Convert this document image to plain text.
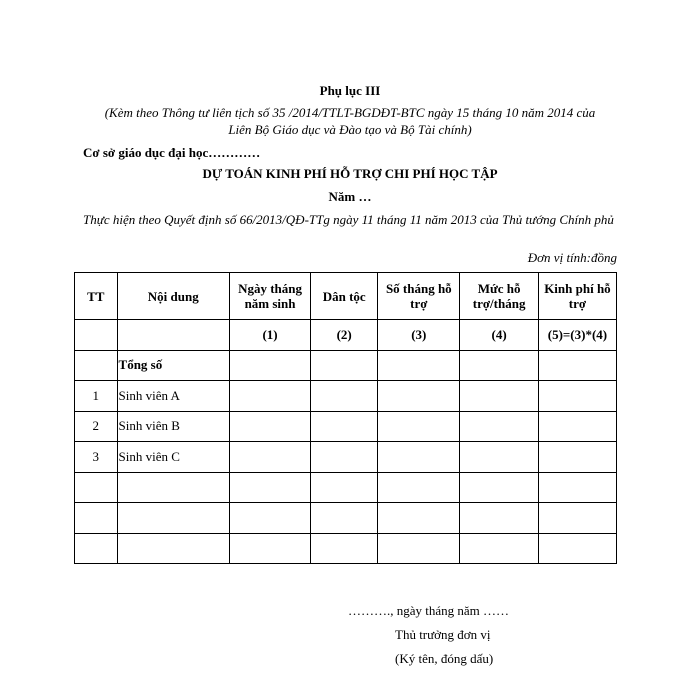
Phụ lục III
(Kèm theo Thông tư liên tịch số 35 /2014/TTLT-BGDĐT-BTC ngày 15 tháng 10 năm 2014 của
Liên Bộ Giáo dục và Đào tạo và Bộ Tài chính)
Cơ sở giáo dục đại học…………
DỰ TOÁN KINH PHÍ HỖ TRỢ CHI PHÍ HỌC TẬP
Năm …
Thực hiện theo Quyết định số 66/2013/QĐ-TTg ngày 11 tháng 11 năm 2013 của Thủ tướng Chính phủ
Đơn vị tính:đồng
TT	Nội dung	Ngày tháng năm sinh	Dân tộc	Số tháng hỗ trợ	Mức hỗ trợ/tháng	Kinh phí hỗ trợ
		(1)	(2)	(3)	(4)	(5)=(3)*(4)
	Tổng số					
1	Sinh viên A					
2	Sinh viên B					
3	Sinh viên C					

………., ngày tháng năm ……
Thủ trưởng đơn vị
(Ký tên, đóng dấu)
